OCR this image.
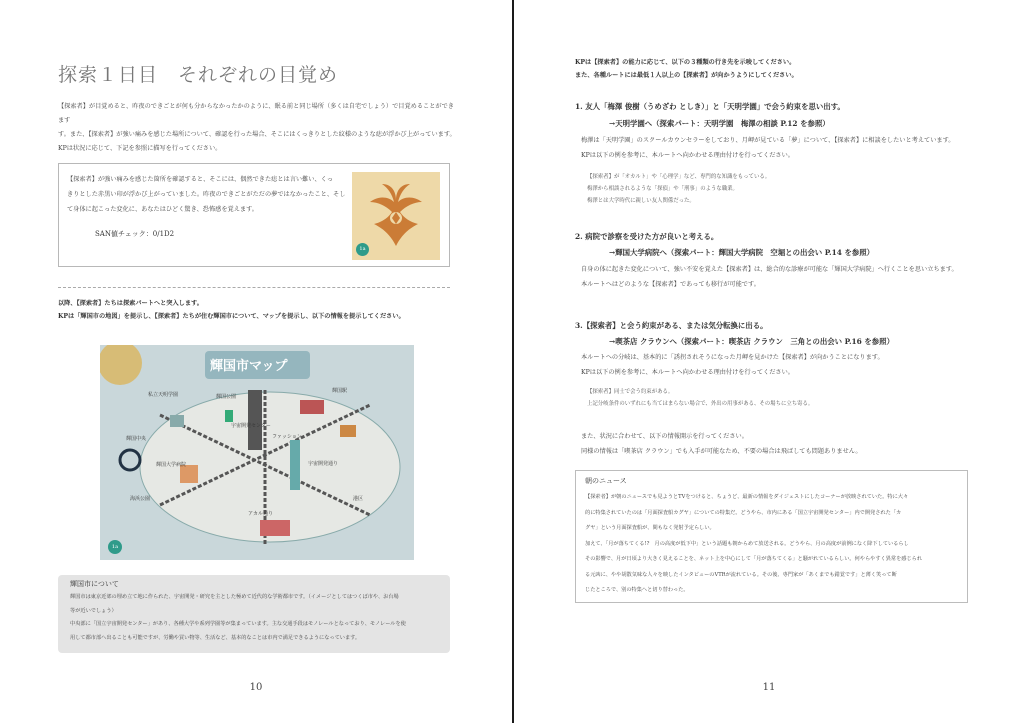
探索１日目　それぞれの目覚め
【探索者】が目覚めると、昨夜のできごとが何も分からなかったかのように、眠る前と同じ場所（多くは自宅でしょう）で目覚めることができます
す。また、【探索者】が強い痛みを感じた場所について、確認を行った場合、そこにはくっきりとした紋様のような痣が浮かび上がっています。
KPは状況に応じて、下記を参照に描写を行ってください。
【探索者】が強い痛みを感じた箇所を確認すると、そこには、偶然できた痣とは言い難い、くっ
きりとした赤黒い印が浮かび上がっていました。昨夜のできごとがただの夢ではなかったこと、そし
て身体に起こった変化に、あなたはひどく驚き、恐怖感を覚えます。
SAN値チェック：0/1D2
1a
以降、【探索者】たちは探索パートへと突入します。
KPは「輝国市の地図」を提示し、【探索者】たちが住む輝国市について、マップを提示し、以下の情報を提示してください。
輝国市マップ
私立天明学園	輝国公園
宇宙開発センター
輝国駅
輝国中央
宇宙開発通り
港区
海浜公園
アカル通り
輝国大学病院
ファッション
1a
輝国市について
輝国市は東京近郊の埋め立て地に作られた、宇宙開発・研究を主とした極めて近代的な学術都市です。（イメージとしてはつくば市や、お台場
等が近いでしょう）
中央部に「国立宇宙開発センター」があり、各種大学や系列学園等が集まっています。主な交通手段はモノレールとなっており、モノレールを使
用して都市部へ出ることも可能ですが、労働や買い物等、生活など、基本的なことは市内で満足できるようになっています。
10
KPは【探索者】の能力に応じて、以下の３種類の行き先を示唆してください。
また、各種ルートには最低１人以上の【探索者】が向かうようにしてください。
1. 友人「梅澤 俊樹（うめざわ としき）」と「天明学園」で会う約束を思い出す。
→天明学園へ（探索パート：天明学園　梅澤の相談 P.12 を参照）
梅澤は「天明学園」のスクールカウンセラーをしており、月岬が見ている「夢」について、【探索者】に相談をしたいと考えています。
KPは以下の例を参考に、本ルートへ向かわせる理由付けを行ってください。
【探索者】が「オカルト」や「心理学」など、専門的な知識をもっている。
梅澤から相談されるような「探偵」や「刑事」のような職業。
梅澤とは大学時代に親しい友人関係だった。
2. 病院で診察を受けた方が良いと考える。
→輝国大学病院へ（探索パート：輝国大学病院　空堀との出会い P.14 を参照）
自身の体に起きた変化について、強い不安を覚えた【探索者】は、総合的な診療が可能な「輝国大学病院」へ行くことを思い立ちます。
本ルートへはどのような【探索者】であっても移行が可能です。
3.【探索者】と会う約束がある、または気分転換に出る。
→喫茶店 クラウンへ（探索パート：喫茶店 クラウン　三角との出会い P.16 を参照）
本ルートへの分岐は、基本的に「誘拐されそうになった月岬を見かけた【探索者】が向かうことになります。
KPは以下の例を参考に、本ルートへ向かわせる理由付けを行ってください。
【探索者】同士で会う約束がある。
上記分岐条件のいずれにも当てはまらない場合で、外出の用事がある、その場ちに立ち寄る。
また、状況に合わせて、以下の情報開示を行ってください。
同様の情報は「喫茶店 クラウン」でも入手が可能なため、不要の場合は飛ばしても問題ありません。
朝のニュース
【探索者】が朝のニュースでも見ようとTVをつけると、ちょうど、最新の情報をダイジェストにしたコーナーが放映されていた。特に大々
的に特集されていたのは「月面探査船カグヤ」についての特集だ。どうやら、市内にある「国立宇宙開発センター」内で開発された「カ
グヤ」という月面探査船が、間もなく発射予定らしい。
加えて、「月が落ちてくる!?　月の高度が低下中」という話題も朝からめて放送される。どうやら、月の高度が前例になく降下しているらし
その影響で、月が日頃より大きく見えることを、ネット上を中心にして「月が落ちてくる」と騒がれているらしい。何やらやすく異常を感じられ
る元凶に、やや胡散気味な人々を映したインタビューのVTRが流れている。その後、専門家が「あくまでも錯覚です」と薄く笑って断
じたところで、別の特集へと切り替わった。
11
